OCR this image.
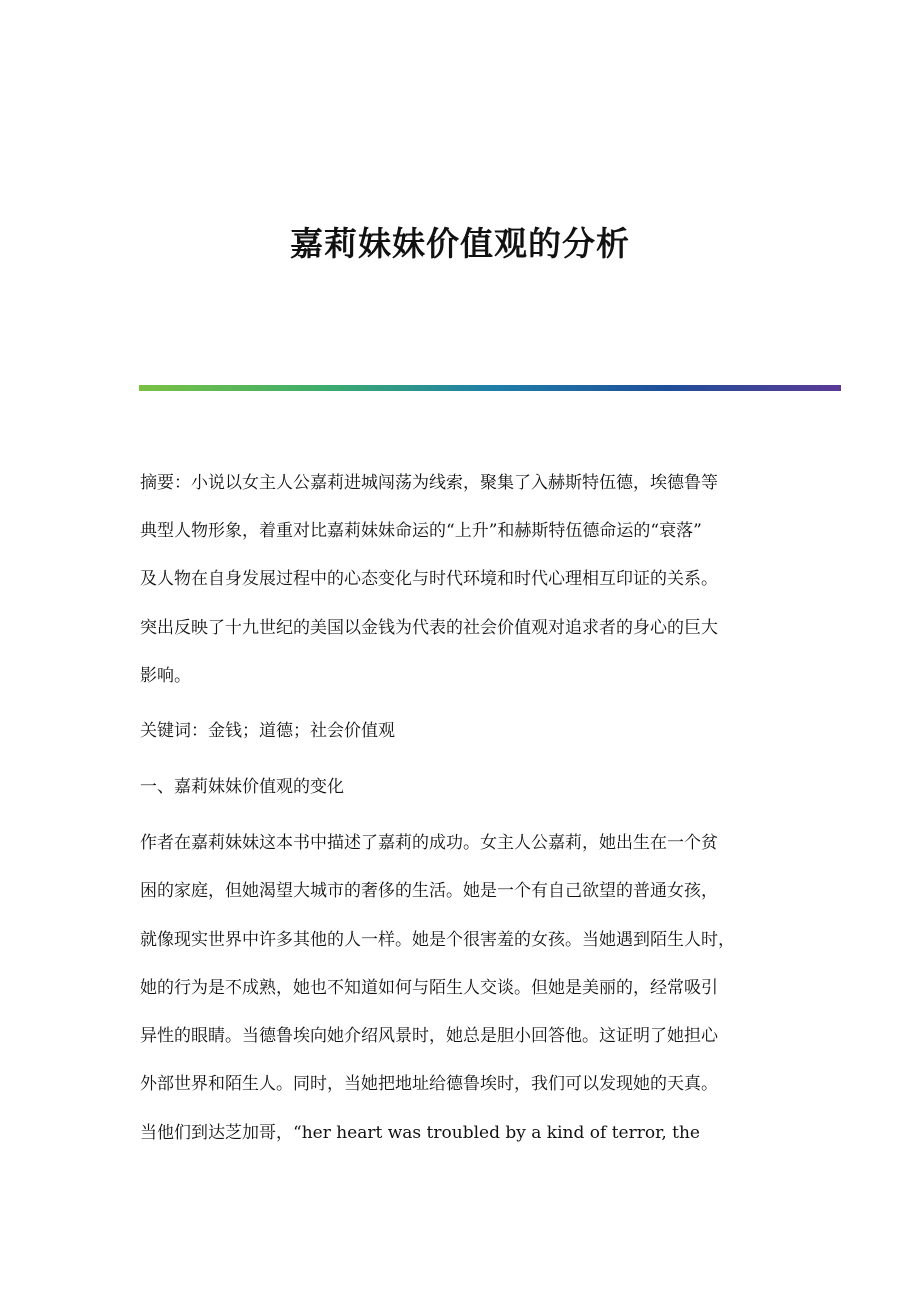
嘉莉妹妹价值观的分析
摘要：小说以女主人公嘉莉进城闯荡为线索，聚集了入赫斯特伍德，埃德鲁等
典型人物形象，着重对比嘉莉妹妹命运的“上升”和赫斯特伍德命运的“衰落”
及人物在自身发展过程中的心态变化与时代环境和时代心理相互印证的关系。
突出反映了十九世纪的美国以金钱为代表的社会价值观对追求者的身心的巨大
影响。
关键词：金钱；道德；社会价值观
一、嘉莉妹妹价值观的变化
作者在嘉莉妹妹这本书中描述了嘉莉的成功。女主人公嘉莉，她出生在一个贫
困的家庭，但她渴望大城市的奢侈的生活。她是一个有自己欲望的普通女孩，
就像现实世界中许多其他的人一样。她是个很害羞的女孩。当她遇到陌生人时，
她的行为是不成熟，她也不知道如何与陌生人交谈。但她是美丽的，经常吸引
异性的眼睛。当德鲁埃向她介绍风景时，她总是胆小回答他。这证明了她担心
外部世界和陌生人。同时，当她把地址给德鲁埃时，我们可以发现她的天真。
当他们到达芝加哥，“her heart was troubled by a kind of terror, the
